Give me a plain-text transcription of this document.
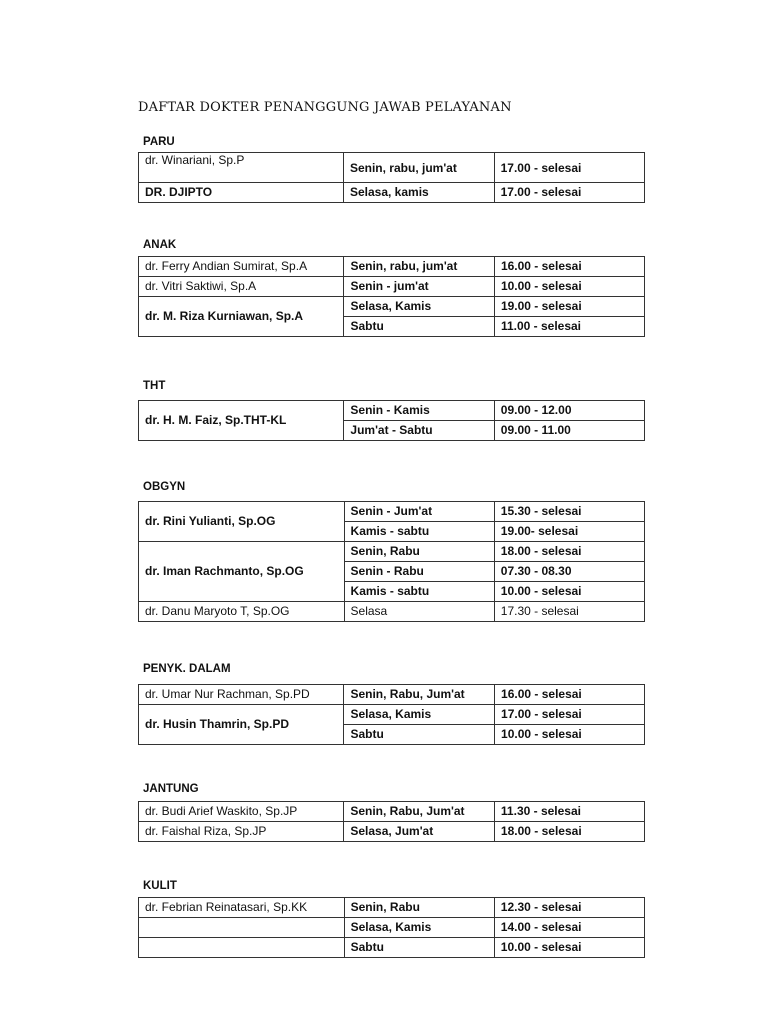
DAFTAR DOKTER PENANGGUNG JAWAB PELAYANAN
PARU
dr. Winariani, Sp.P	Senin, rabu, jum'at	17.00 - selesai
DR. DJIPTO	Selasa, kamis	17.00 - selesai
ANAK
dr. Ferry Andian Sumirat, Sp.A	Senin, rabu, jum'at	16.00 - selesai
dr. Vitri Saktiwi, Sp.A	Senin - jum'at	10.00 - selesai
dr. M. Riza Kurniawan, Sp.A	Selasa, Kamis	19.00 - selesai
	Sabtu	11.00 - selesai
THT
dr. H. M. Faiz, Sp.THT-KL	Senin - Kamis	09.00 - 12.00
	Jum'at - Sabtu	09.00 - 11.00
OBGYN
dr. Rini Yulianti, Sp.OG	Senin - Jum'at	15.30 - selesai
	Kamis - sabtu	19.00- selesai
dr. Iman Rachmanto, Sp.OG	Senin, Rabu	18.00 - selesai
	Senin - Rabu	07.30 - 08.30
	Kamis - sabtu	10.00 - selesai
dr. Danu Maryoto T, Sp.OG	Selasa	17.30 - selesai
PENYK. DALAM
dr. Umar Nur Rachman, Sp.PD	Senin, Rabu, Jum'at	16.00 - selesai
dr. Husin Thamrin, Sp.PD	Selasa, Kamis	17.00 - selesai
	Sabtu	10.00 - selesai
JANTUNG
dr. Budi Arief Waskito, Sp.JP	Senin, Rabu, Jum'at	11.30 - selesai
dr. Faishal Riza, Sp.JP	Selasa, Jum'at	18.00 - selesai
KULIT
dr. Febrian Reinatasari, Sp.KK	Senin, Rabu	12.30 - selesai
	Selasa, Kamis	14.00 - selesai
	Sabtu	10.00 - selesai
